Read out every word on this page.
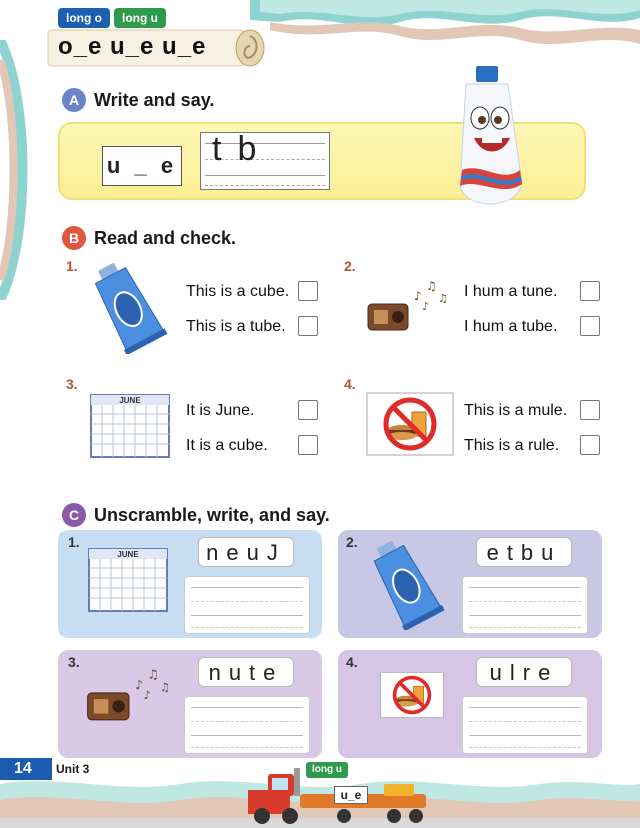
long o	long u
o_e u_e u_e
A Write and say.
u _ e tb
B Read and check.
1.
This is a cube.
This is a tube.
2.
♪
♫
♪
♫ I hum a tune.
I hum a tube.
3.
JUNE
It is June.
It is a cube.
4.
This is a mule.
This is a rule.
C Unscramble, write, and say.
1.
JUNE	neuJ	2.	etbu
3.
♪
♫
♪
♫
nute	4.	ulre
long u
u_e
14	Unit 3
